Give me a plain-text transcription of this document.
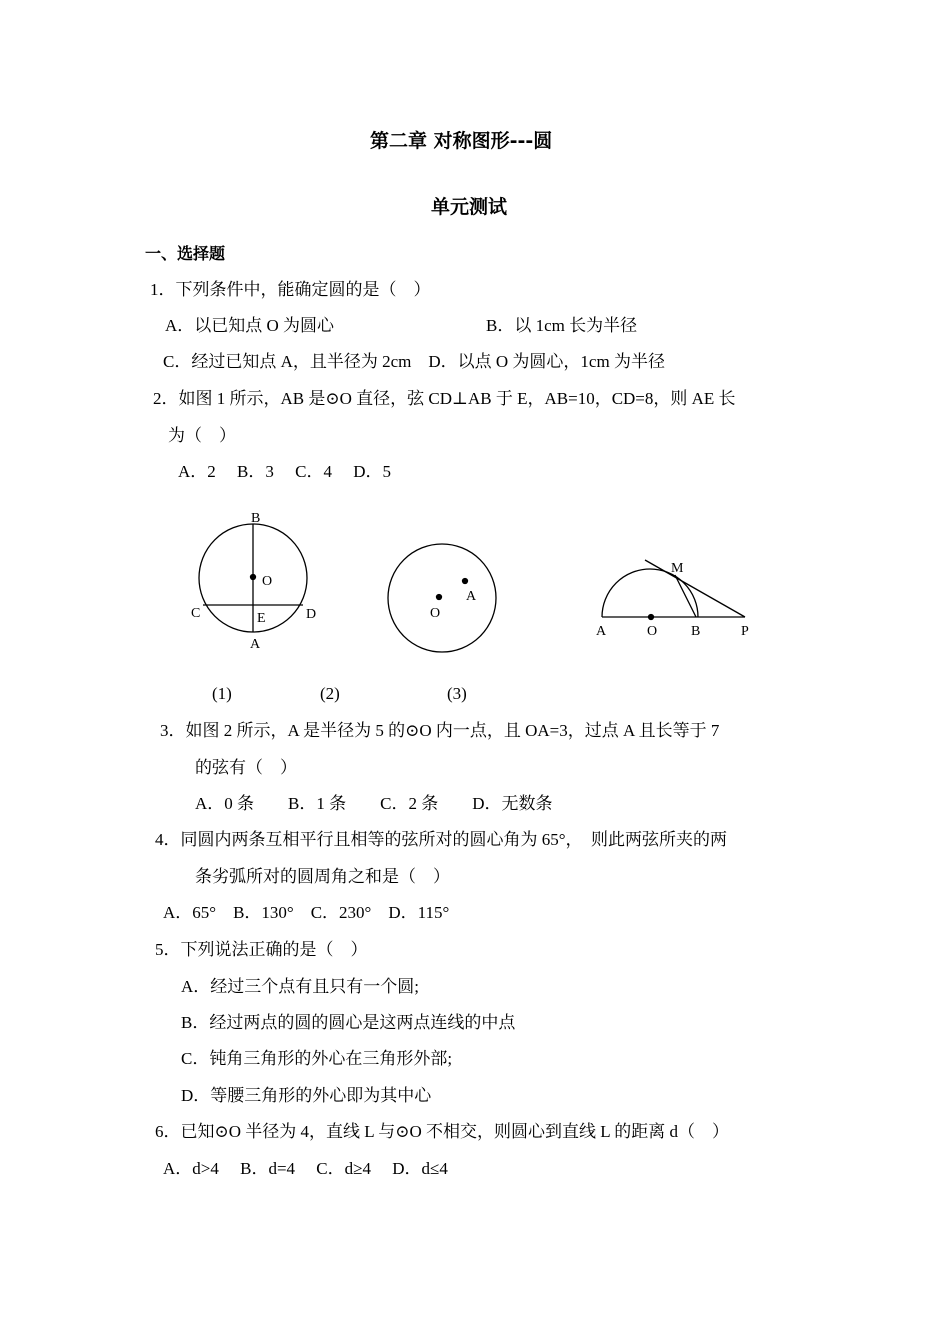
第二章 对称图形---圆
单元测试
一、选择题
1．下列条件中，能确定圆的是（　）
A．以已知点 O 为圆心	B．以 1cm 长为半径
C．经过已知点 A，且半径为 2cm　D．以点 O 为圆心，1cm 为半径
2．如图 1 所示，AB 是⊙O 直径，弦 CD⊥AB 于 E，AB=10，CD=8，则 AE 长
为（　）
A．2　 B．3　 C．4　 D．5
B
O
C	E	D
A
O
A
M
A	O B	P
(1)	(2)	(3)
3．如图 2 所示，A 是半径为 5 的⊙O 内一点，且 OA=3，过点 A 且长等于 7
的弦有（　）
A．0 条　　B．1 条　　C．2 条　　D．无数条
4．同圆内两条互相平行且相等的弦所对的圆心角为 65°，　则此两弦所夹的两
条劣弧所对的圆周角之和是（　）
A．65°　B．130°　C．230°　D．115°
5．下列说法正确的是（　）
A．经过三个点有且只有一个圆;
B．经过两点的圆的圆心是这两点连线的中点
C．钝角三角形的外心在三角形外部;
D．等腰三角形的外心即为其中心
6．已知⊙O 半径为 4，直线 L 与⊙O 不相交，则圆心到直线 L 的距离 d（　）
A．d>4　 B．d=4　 C．d≥4　 D．d≤4
